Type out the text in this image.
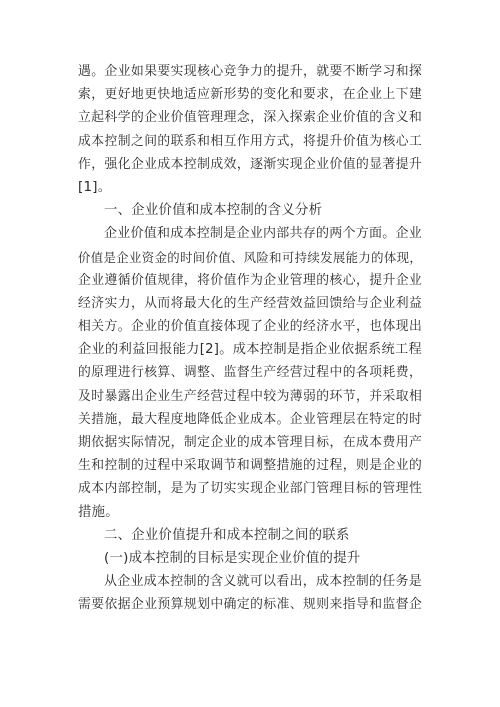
遇。企业如果要实现核心竞争力的提升，就要不断学习和探
索，更好地更快地适应新形势的变化和要求，在企业上下建
立起科学的企业价值管理理念，深入探索企业价值的含义和
成本控制之间的联系和相互作用方式，将提升价值为核心工
作，强化企业成本控制成效，逐渐实现企业价值的显著提升
[1]。
一、企业价值和成本控制的含义分析
企业价值和成本控制是企业内部共存的两个方面。企业
价值是企业资金的时间价值、风险和可持续发展能力的体现，
企业遵循价值规律，将价值作为企业管理的核心，提升企业
经济实力，从而将最大化的生产经营效益回馈给与企业利益
相关方。企业的价值直接体现了企业的经济水平，也体现出
企业的利益回报能力[2]。成本控制是指企业依据系统工程
的原理进行核算、调整、监督生产经营过程中的各项耗费，
及时暴露出企业生产经营过程中较为薄弱的环节，并采取相
关措施，最大程度地降低企业成本。企业管理层在特定的时
期依据实际情况，制定企业的成本管理目标，在成本费用产
生和控制的过程中采取调节和调整措施的过程，则是企业的
成本内部控制，是为了切实实现企业部门管理目标的管理性
措施。
二、企业价值提升和成本控制之间的联系
(一)成本控制的目标是实现企业价值的提升
从企业成本控制的含义就可以看出，成本控制的任务是
需要依据企业预算规划中确定的标准、规则来指导和监督企
